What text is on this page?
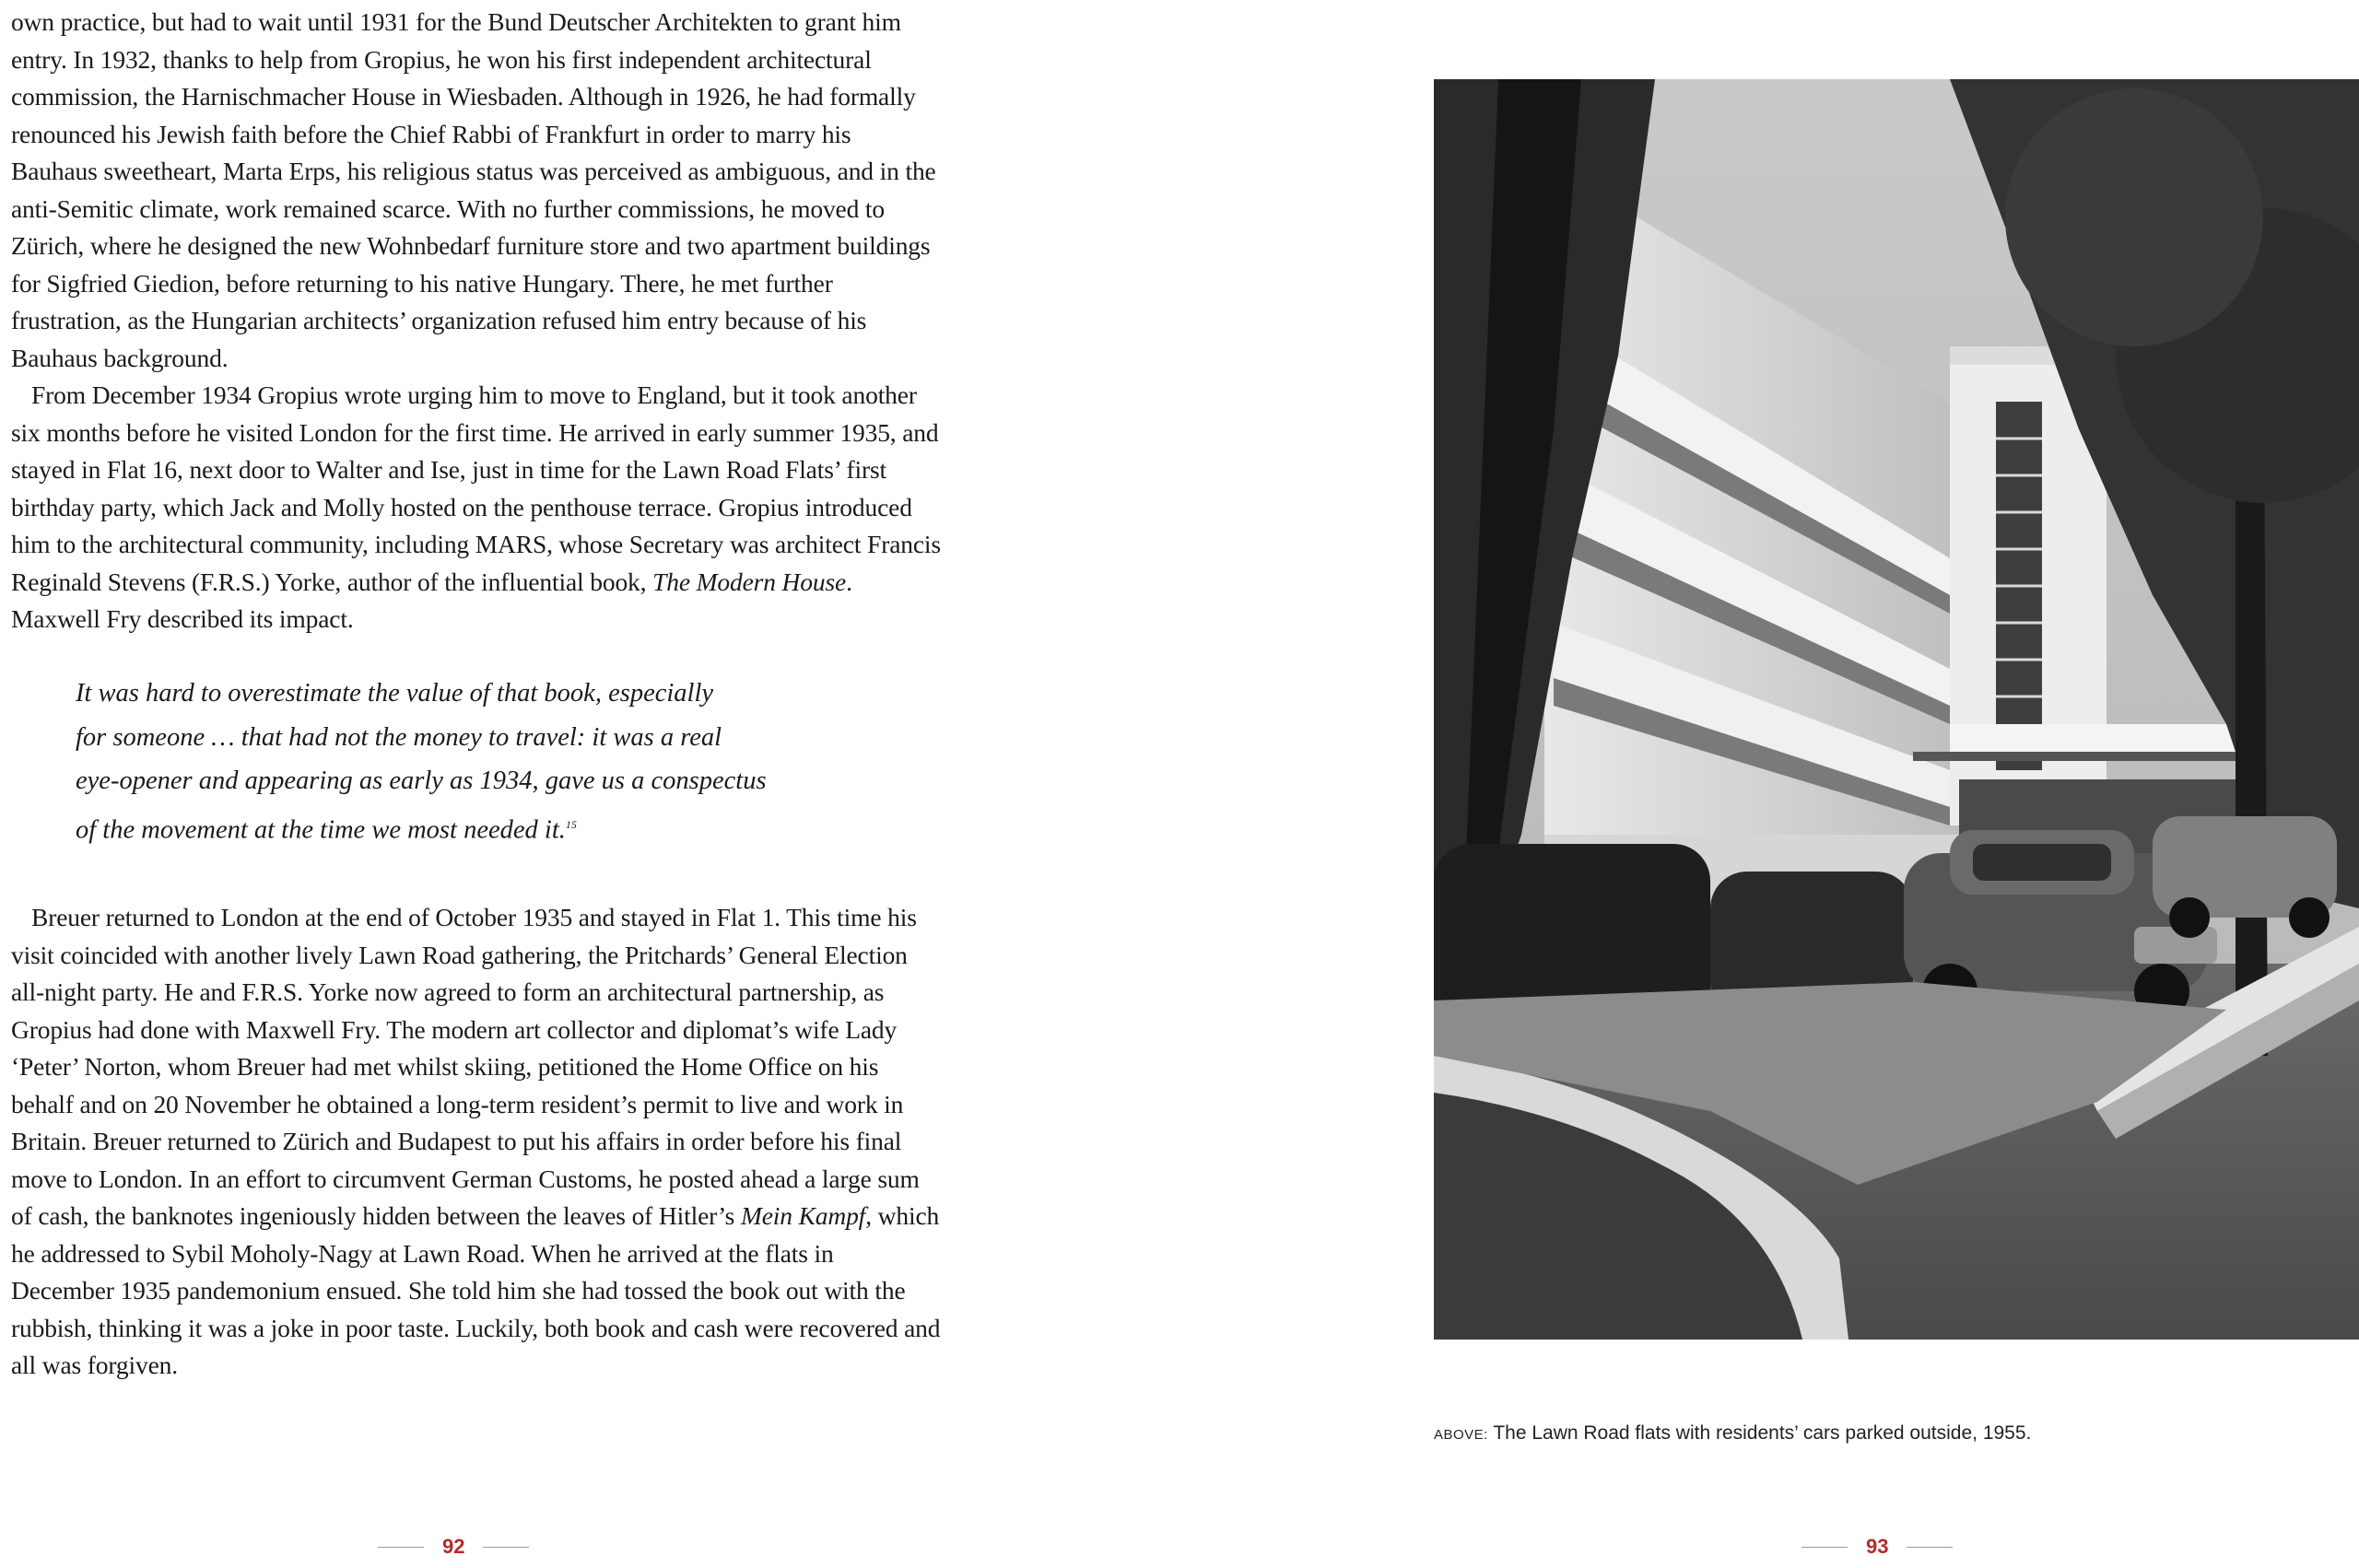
own practice, but had to wait until 1931 for the Bund Deutscher Architekten to grant him entry. In 1932, thanks to help from Gropius, he won his first independent architectural commission, the Harnischmacher House in Wiesbaden. Although in 1926, he had formally renounced his Jewish faith before the Chief Rabbi of Frankfurt in order to marry his Bauhaus sweetheart, Marta Erps, his religious status was perceived as ambiguous, and in the anti-Semitic climate, work remained scarce. With no further commissions, he moved to Zürich, where he designed the new Wohnbedarf furniture store and two apartment buildings for Sigfried Giedion, before returning to his native Hungary. There, he met further frustration, as the Hungarian architects’ organization refused him entry because of his Bauhaus background.

From December 1934 Gropius wrote urging him to move to England, but it took another six months before he visited London for the first time. He arrived in early summer 1935, and stayed in Flat 16, next door to Walter and Ise, just in time for the Lawn Road Flats’ first birthday party, which Jack and Molly hosted on the penthouse terrace. Gropius introduced him to the architectural community, including MARS, whose Secretary was architect Francis Reginald Stevens (F.R.S.) Yorke, author of the influential book, The Modern House. Maxwell Fry described its impact.

It was hard to overestimate the value of that book, especially
for someone … that had not the money to travel: it was a real
eye-opener and appearing as early as 1934, gave us a conspectus
of the movement at the time we most needed it.$^{15}$

Breuer returned to London at the end of October 1935 and stayed in Flat 1. This time his visit coincided with another lively Lawn Road gathering, the Pritchards’ General Election all-night party. He and F.R.S. Yorke now agreed to form an architectural partnership, as Gropius had done with Maxwell Fry. The modern art collector and diplomat’s wife Lady ‘Peter’ Norton, whom Breuer had met whilst skiing, petitioned the Home Office on his behalf and on 20 November he obtained a long-term resident’s permit to live and work in Britain. Breuer returned to Zürich and Budapest to put his affairs in order before his final move to London. In an effort to circumvent German Customs, he posted ahead a large sum of cash, the banknotes ingeniously hidden between the leaves of Hitler’s Mein Kampf, which he addressed to Sybil Moholy-Nagy at Lawn Road. When he arrived at the flats in December 1935 pandemonium ensued. She told him she had tossed the book out with the rubbish, thinking it was a joke in poor taste. Luckily, both book and cash were recovered and all was forgiven.

92
ABOVE: The Lawn Road flats with residents’ cars parked outside, 1955.
93
